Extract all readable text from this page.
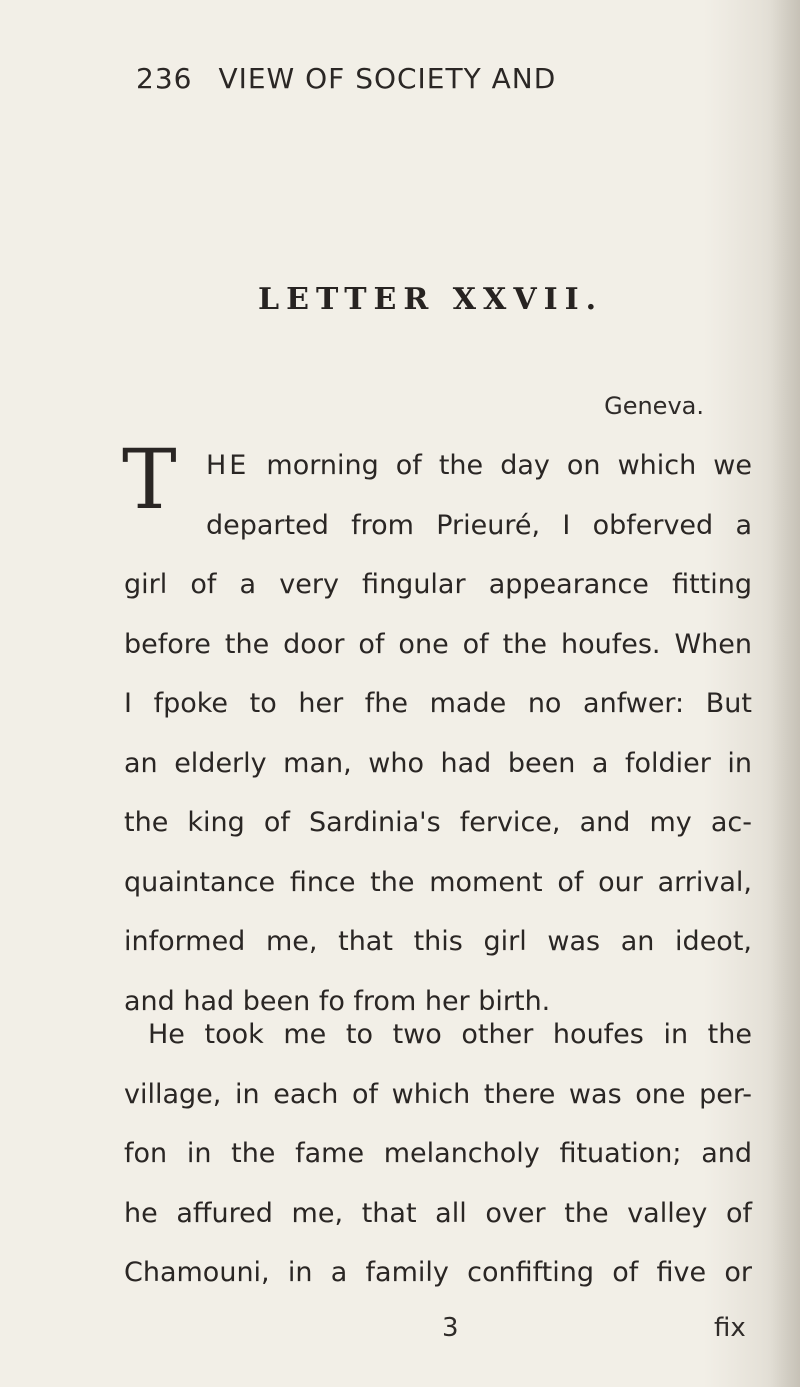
236 VIEW OF SOCIETY AND
LETTER XXVII.
Geneva.
T	HE morning of the day on which we
departed from Prieuré, I obferved a
girl of a very fingular appearance fitting
before the door of one of the houfes. When
I fpoke to her fhe made no anfwer: But
an elderly man, who had been a foldier in
the king of Sardinia's fervice, and my ac-
quaintance fince the moment of our arrival,
informed me, that this girl was an ideot,
and had been fo from her birth.
He took me to two other houfes in the
village, in each of which there was one per-
fon in the fame melancholy fituation; and
he affured me, that all over the valley of
Chamouni, in a family confifting of five or
3	fix
